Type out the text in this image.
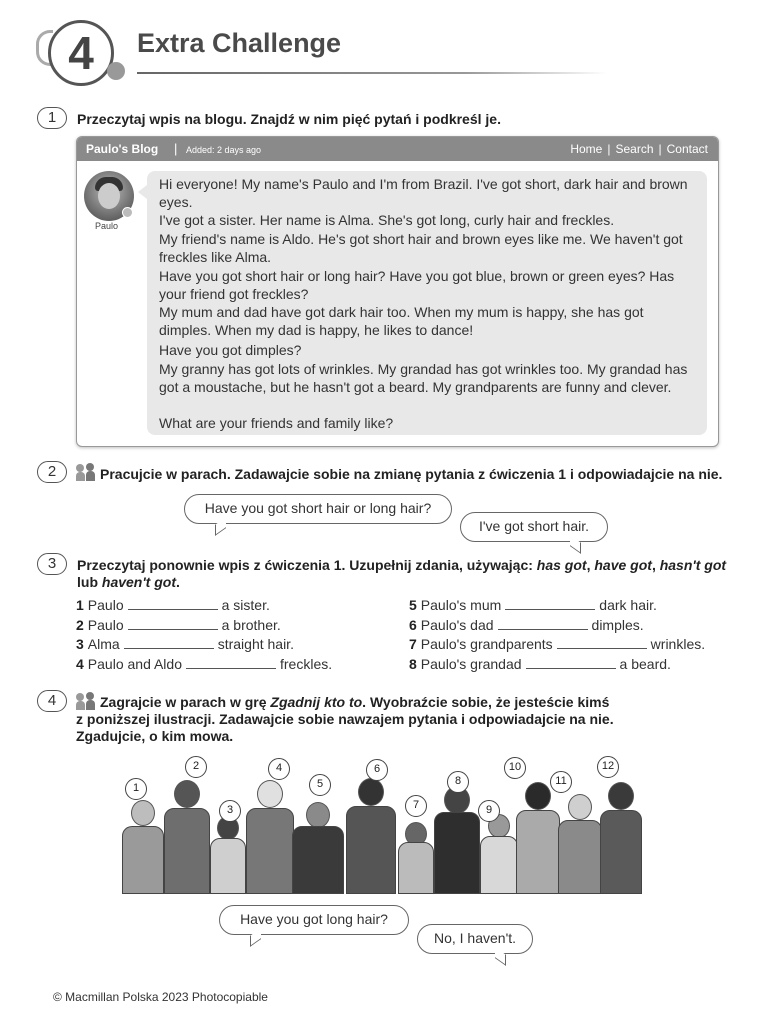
4	Extra Challenge
1	Przeczytaj wpis na blogu. Znajdź w nim pięć pytań i podkreśl je.
Paulo's Blog | Added: 2 days ago	Home | Search | Contact
Paulo
Hi everyone! My name's Paulo and I'm from Brazil. I've got short, dark hair and brown eyes.
I've got a sister. Her name is Alma. She's got long, curly hair and freckles.
My friend's name is Aldo. He's got short hair and brown eyes like me. We haven't got freckles like Alma.
Have you got short hair or long hair? Have you got blue, brown or green eyes? Has your friend got freckles?
My mum and dad have got dark hair too. When my mum is happy, she has got dimples. When my dad is happy, he likes to dance!
Have you got dimples?
My granny has got lots of wrinkles. My grandad has got wrinkles too. My grandad has got a moustache, but he hasn't got a beard. My grandparents are funny and clever.
What are your friends and family like?
2	Pracujcie w parach. Zadawajcie sobie na zmianę pytania z ćwiczenia 1 i odpowiadajcie na nie.
Have you got short hair or long hair?
I've got short hair.
3	Przeczytaj ponownie wpis z ćwiczenia 1. Uzupełnij zdania, używając: has got, have got, hasn't got
lub haven't got.
1 Paulo	a sister.
2 Paulo	a brother.
3 Alma	straight hair.
4 Paulo and Aldo	freckles.
5 Paulo's mum	dark hair.
6 Paulo's dad	dimples.
7 Paulo's grandparents	wrinkles.
8 Paulo's grandad	a beard.
4	Zagrajcie w parach w grę Zgadnij kto to. Wyobraźcie sobie, że jesteście kimś
z poniższej ilustracji. Zadawajcie sobie nawzajem pytania i odpowiadajcie na nie.
Zgadujcie, o kim mowa.
1
2
3
4
5
6
7
8
9
10
11
12
Have you got long hair?
No, I haven't.
© Macmillan Polska 2023 Photocopiable
